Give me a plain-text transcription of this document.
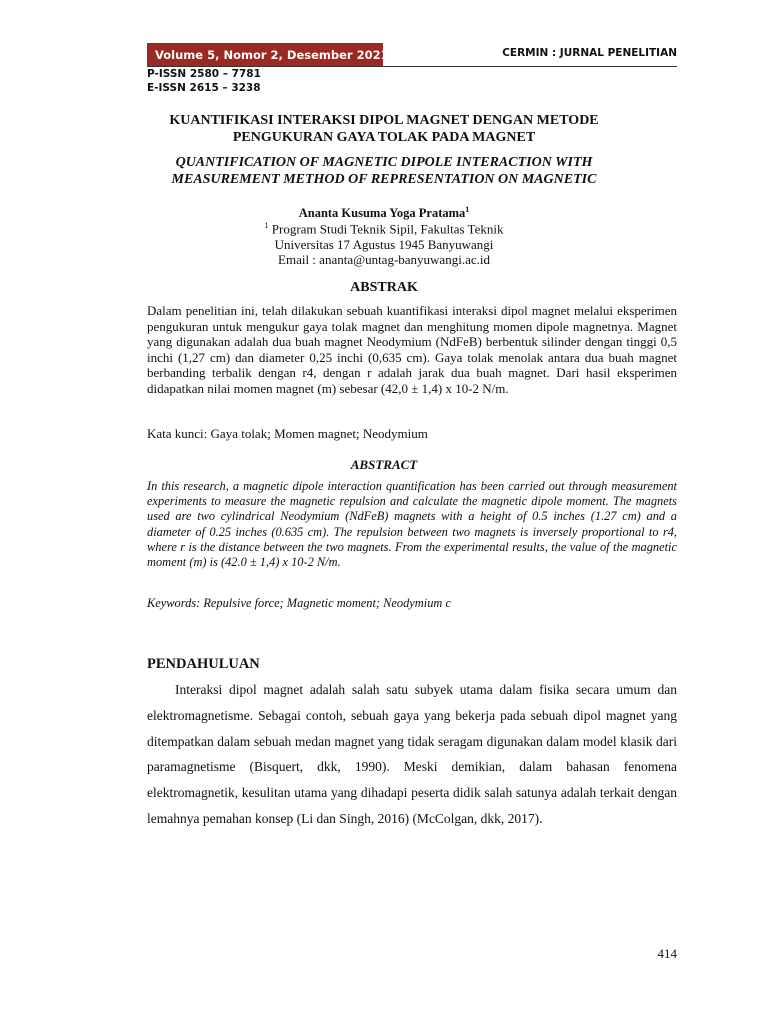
Volume 5, Nomor 2, Desember 2021	CERMIN : JURNAL PENELITIAN
P-ISSN 2580 – 7781
E-ISSN 2615 – 3238
KUANTIFIKASI INTERAKSI DIPOL MAGNET DENGAN METODE PENGUKURAN GAYA TOLAK PADA MAGNET
QUANTIFICATION OF MAGNETIC DIPOLE INTERACTION WITH MEASUREMENT METHOD OF REPRESENTATION ON MAGNETIC
Ananta Kusuma Yoga Pratama$^1$
$^1$ Program Studi Teknik Sipil, Fakultas Teknik
Universitas 17 Agustus 1945 Banyuwangi
Email : ananta@untag-banyuwangi.ac.id
ABSTRAK
Dalam penelitian ini, telah dilakukan sebuah kuantifikasi interaksi dipol magnet melalui eksperimen pengukuran untuk mengukur gaya tolak magnet dan menghitung momen dipole magnetnya. Magnet yang digunakan adalah dua buah magnet Neodymium (NdFeB) berbentuk silinder dengan tinggi 0,5 inchi (1,27 cm) dan diameter 0,25 inchi (0,635 cm). Gaya tolak menolak antara dua buah magnet berbanding terbalik dengan r4, dengan r adalah jarak dua buah magnet. Dari hasil eksperimen didapatkan nilai momen magnet (m) sebesar (42,0 ± 1,4) x 10-2 N/m.
Kata kunci: Gaya tolak; Momen magnet; Neodymium
ABSTRACT
In this research, a magnetic dipole interaction quantification has been carried out through measurement experiments to measure the magnetic repulsion and calculate the magnetic dipole moment. The magnets used are two cylindrical Neodymium (NdFeB) magnets with a height of 0.5 inches (1.27 cm) and a diameter of 0.25 inches (0.635 cm). The repulsion between two magnets is inversely proportional to r4, where r is the distance between the two magnets. From the experimental results, the value of the magnetic moment (m) is (42.0 ± 1,4) x 10-2 N/m.
Keywords: Repulsive force; Magnetic moment; Neodymium c
PENDAHULUAN
Interaksi dipol magnet adalah salah satu subyek utama dalam fisika secara umum dan elektromagnetisme. Sebagai contoh, sebuah gaya yang bekerja pada sebuah dipol magnet yang ditempatkan dalam sebuah medan magnet yang tidak seragam digunakan dalam model klasik dari paramagnetisme (Bisquert, dkk, 1990). Meski demikian, dalam bahasan fenomena elektromagnetik, kesulitan utama yang dihadapi peserta didik salah satunya adalah terkait dengan lemahnya pemahan konsep (Li dan Singh, 2016) (McColgan, dkk, 2017).
414
